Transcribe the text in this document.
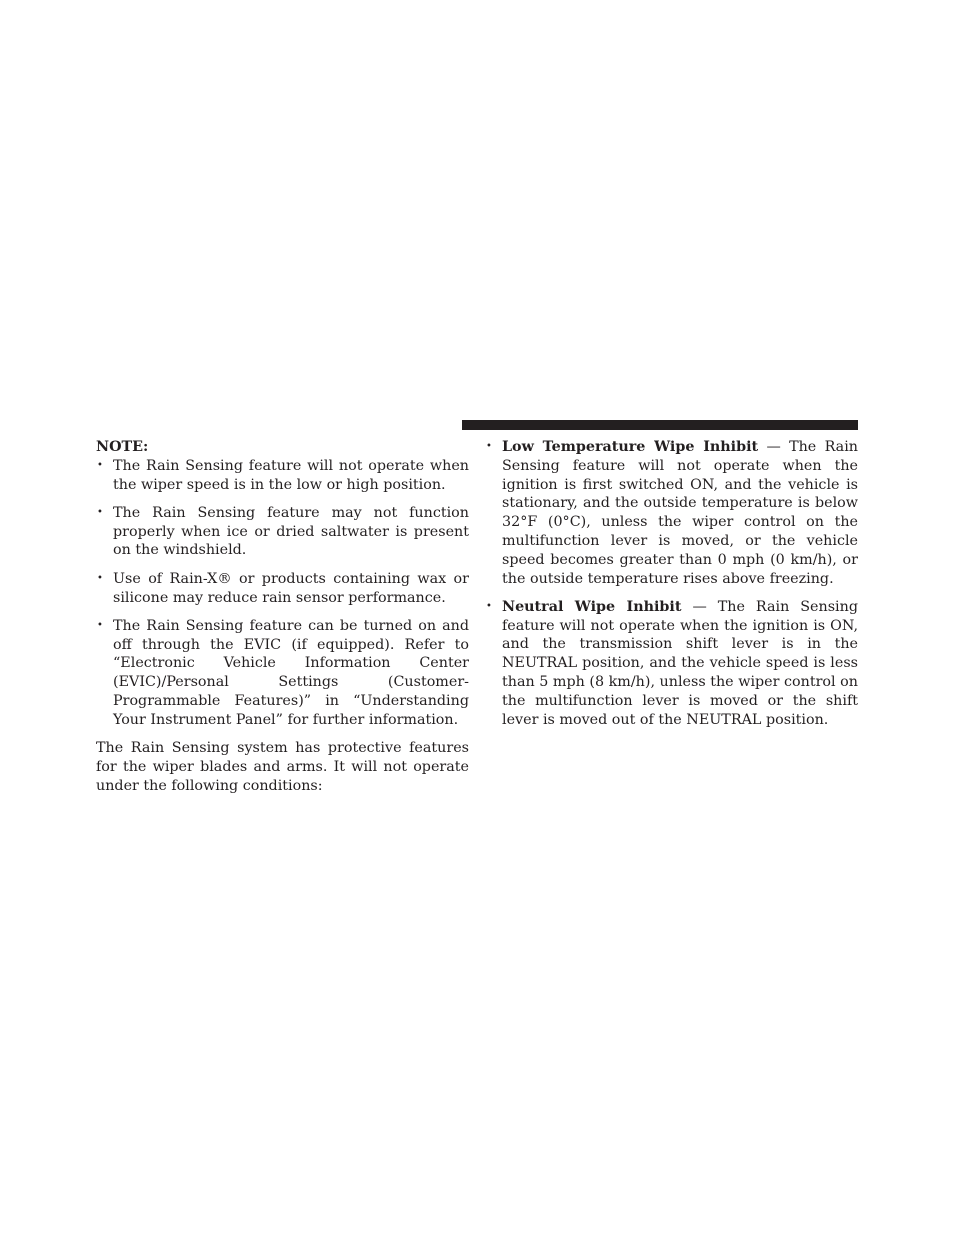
NOTE:

• The Rain Sensing feature will not operate when the wiper speed is in the low or high position.
• The Rain Sensing feature may not function properly when ice or dried saltwater is present on the windshield.
• Use of Rain-X® or products containing wax or silicone may reduce rain sensor performance.
• The Rain Sensing feature can be turned on and off through the EVIC (if equipped). Refer to “Electronic Vehicle Information Center (EVIC)/Personal Settings (Customer-Programmable Features)” in “Understanding Your Instrument Panel” for further information.

The Rain Sensing system has protective features for the wiper blades and arms. It will not operate under the following conditions:

• Low Temperature Wipe Inhibit — The Rain Sensing feature will not operate when the ignition is first switched ON, and the vehicle is stationary, and the outside temperature is below 32°F (0°C), unless the wiper control on the multifunction lever is moved, or the vehicle speed becomes greater than 0 mph (0 km/h), or the outside temperature rises above freezing.
• Neutral Wipe Inhibit — The Rain Sensing feature will not operate when the ignition is ON, and the transmission shift lever is in the NEUTRAL position, and the vehicle speed is less than 5 mph (8 km/h), unless the wiper control on the multifunction lever is moved or the shift lever is moved out of the NEUTRAL position.
